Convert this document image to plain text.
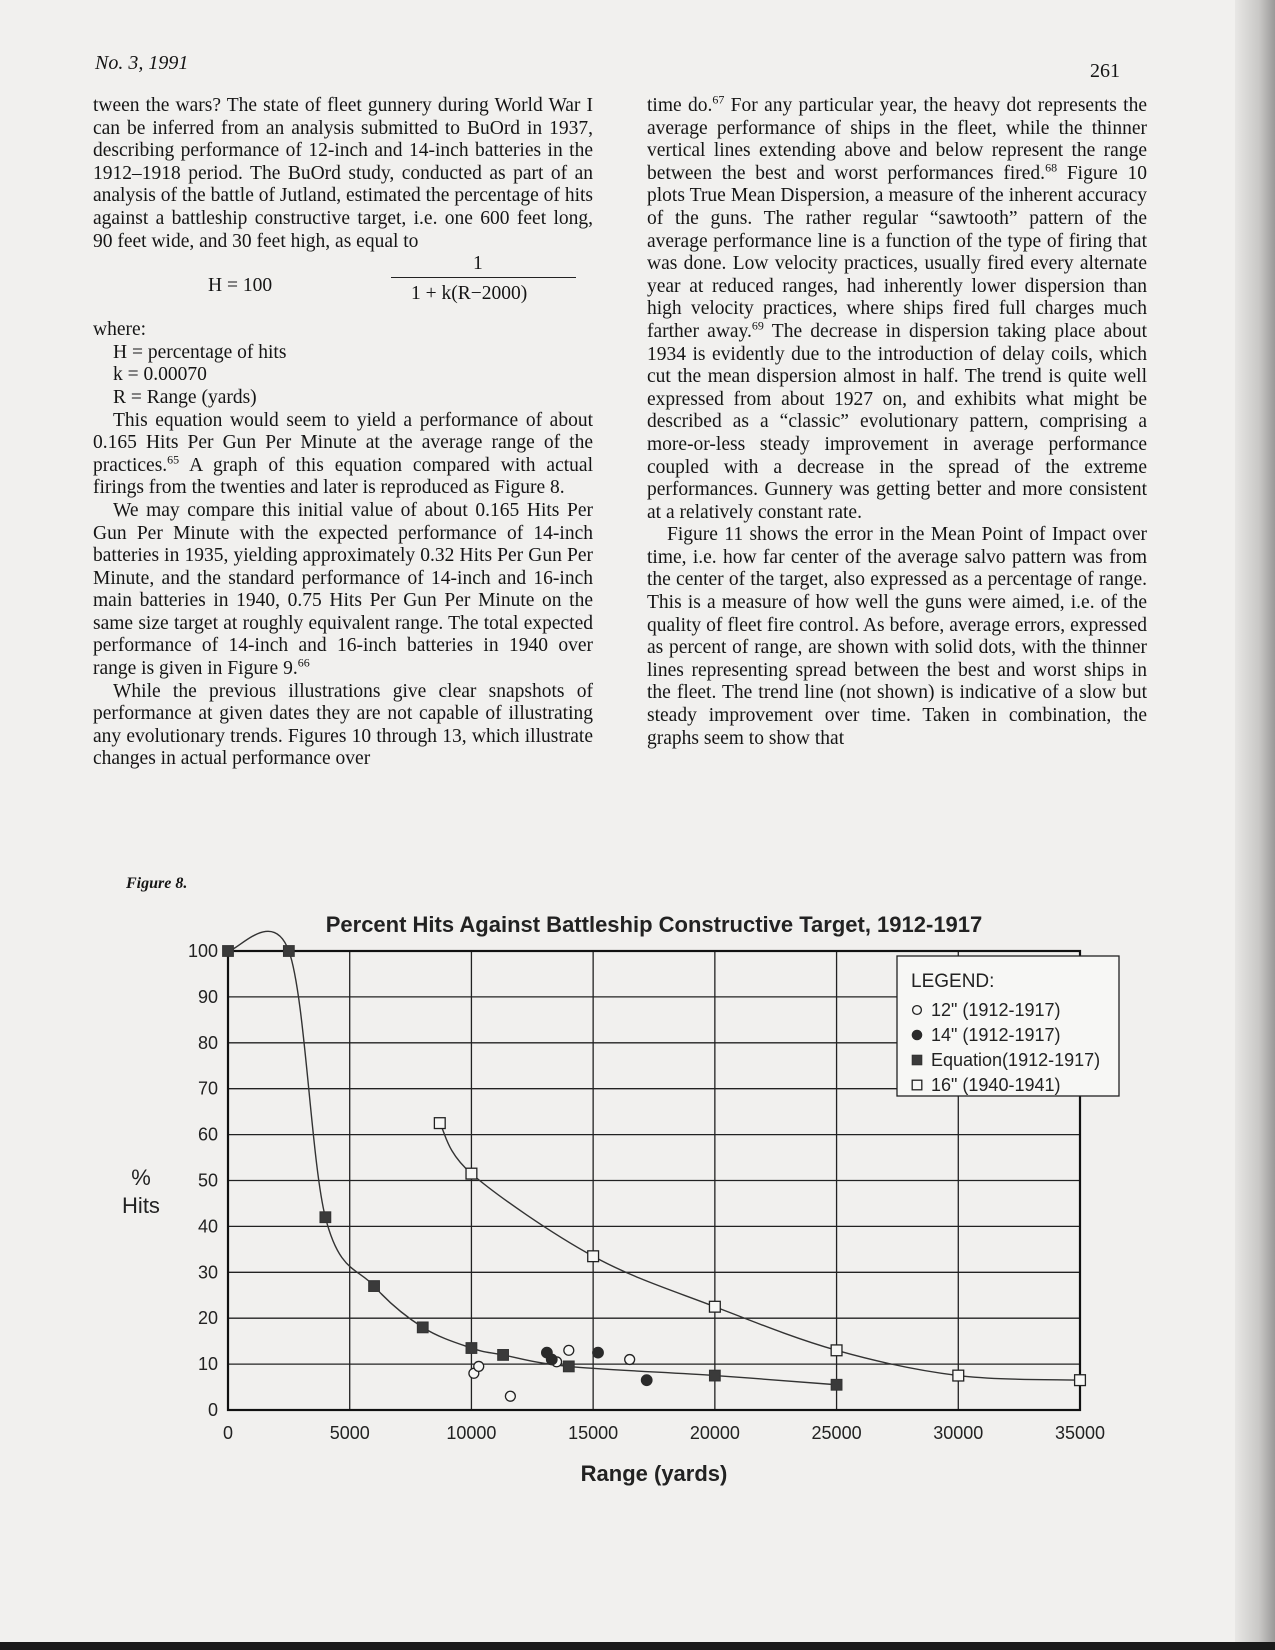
No. 3, 1991	261

tween the wars? The state of fleet gunnery during World War I can be inferred from an analysis submitted to BuOrd in 1937, describing performance of 12-inch and 14-inch batteries in the 1912–1918 period. The BuOrd study, conducted as part of an analysis of the battle of Jutland, estimated the percentage of hits against a battleship constructive target, i.e. one 600 feet long, 90 feet wide, and 30 feet high, as equal to

H = 100
1
1 + k(R−2000)

where:

H = percentage of hits

k = 0.00070

R = Range (yards)

This equation would seem to yield a performance of about 0.165 Hits Per Gun Per Minute at the average range of the practices.$^{65}$ A graph of this equation compared with actual firings from the twenties and later is reproduced as Figure 8.

We may compare this initial value of about 0.165 Hits Per Gun Per Minute with the expected performance of 14-inch batteries in 1935, yielding approximately 0.32 Hits Per Gun Per Minute, and the standard performance of 14-inch and 16-inch main batteries in 1940, 0.75 Hits Per Gun Per Minute on the same size target at roughly equivalent range. The total expected performance of 14-inch and 16-inch batteries in 1940 over range is given in Figure 9.66

While the previous illustrations give clear snapshots of performance at given dates they are not capable of illustrating any evolutionary trends. Figures 10 through 13, which illustrate changes in actual performance over

time do.$^{67}$ For any particular year, the heavy dot represents the average performance of ships in the fleet, while the thinner vertical lines extending above and below represent the range between the best and worst performances fired.$^{68}$ Figure 10 plots True Mean Dispersion, a measure of the inherent accuracy of the guns. The rather regular “sawtooth” pattern of the average performance line is a function of the type of firing that was done. Low velocity practices, usually fired every alternate year at reduced ranges, had inherently lower dispersion than high velocity practices, where ships fired full charges much farther away.$^{69}$ The decrease in dispersion taking place about 1934 is evidently due to the introduction of delay coils, which cut the mean dispersion almost in half. The trend is quite well expressed from about 1927 on, and exhibits what might be described as a “classic” evolutionary pattern, comprising a more-or-less steady improvement in average performance coupled with a decrease in the spread of the extreme performances. Gunnery was getting better and more consistent at a relatively constant rate.

Figure 11 shows the error in the Mean Point of Impact over time, i.e. how far center of the average salvo pattern was from the center of the target, also expressed as a percentage of range. This is a measure of how well the guns were aimed, i.e. of the quality of fleet fire control. As before, average errors, expressed as percent of range, are shown with solid dots, with the thinner lines representing spread between the best and worst ships in the fleet. The trend line (not shown) is indicative of a slow but steady improvement over time. Taken in combination, the graphs seem to show that

Figure 8.
Percent Hits Against Battleship Constructive Target, 1912-1917
0	5000	10000	15000	20000	25000	30000	35000
0
10
20
30
40
50
60
70
80
90
100
Range (yards)
%
Hits
LEGEND:
12" (1912-1917)
14" (1912-1917)
Equation(1912-1917)
16" (1940-1941)
